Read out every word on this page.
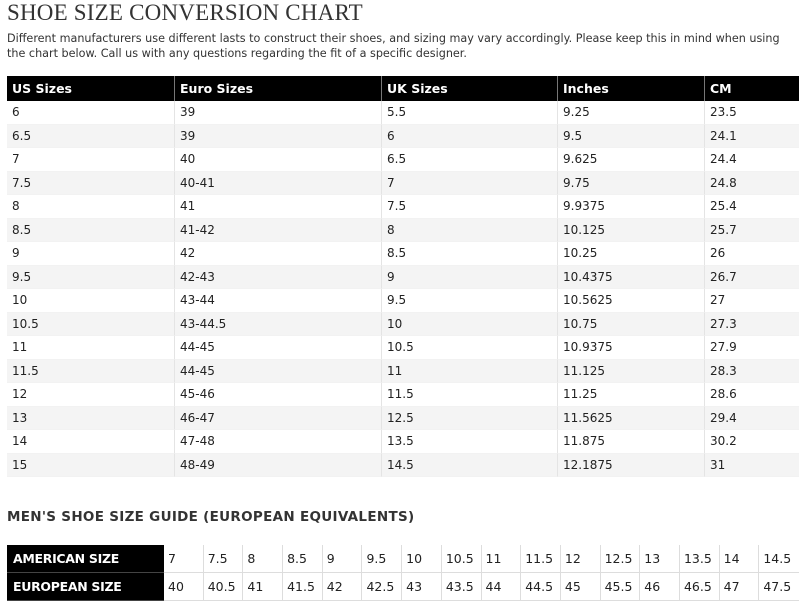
SHOE SIZE CONVERSION CHART
Different manufacturers use different lasts to construct their shoes, and sizing may vary accordingly. Please keep this in mind when using the chart below. Call us with any questions regarding the fit of a specific designer.
US Sizes	Euro Sizes	UK Sizes	Inches	CM
6	39	5.5	9.25	23.5
6.5	39	6	9.5	24.1
7	40	6.5	9.625	24.4
7.5	40-41	7	9.75	24.8
8	41	7.5	9.9375	25.4
8.5	41-42	8	10.125	25.7
9	42	8.5	10.25	26
9.5	42-43	9	10.4375	26.7
10	43-44	9.5	10.5625	27
10.5	43-44.5	10	10.75	27.3
11	44-45	10.5	10.9375	27.9
11.5	44-45	11	11.125	28.3
12	45-46	11.5	11.25	28.6
13	46-47	12.5	11.5625	29.4
14	47-48	13.5	11.875	30.2
15	48-49	14.5	12.1875	31
MEN'S SHOE SIZE GUIDE (EUROPEAN EQUIVALENTS)
AMERICAN SIZE	7	7.5	8	8.5	9	9.5	10	10.5	11	11.5	12	12.5	13	13.5	14	14.5
EUROPEAN SIZE	40	40.5	41	41.5	42	42.5	43	43.5	44	44.5	45	45.5	46	46.5	47	47.5
